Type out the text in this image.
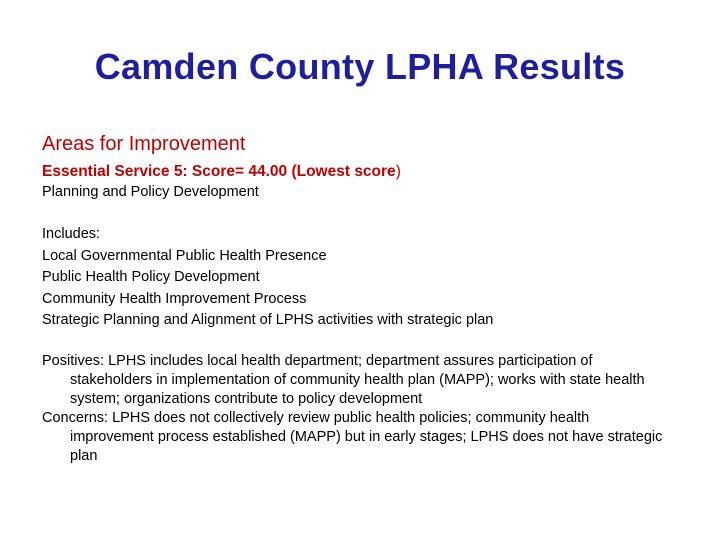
Camden County LPHA Results
Areas for Improvement
Essential Service 5: Score= 44.00 (Lowest score)
Planning and Policy Development
Includes:
Local Governmental Public Health Presence
Public Health Policy Development
Community Health Improvement Process
Strategic Planning and Alignment of LPHS activities with strategic plan
Positives: LPHS includes local health department; department assures participation of stakeholders in implementation of community health plan (MAPP); works with state health system; organizations contribute to policy development
Concerns: LPHS does not collectively review public health policies; community health improvement process established (MAPP) but in early stages; LPHS does not have strategic plan
